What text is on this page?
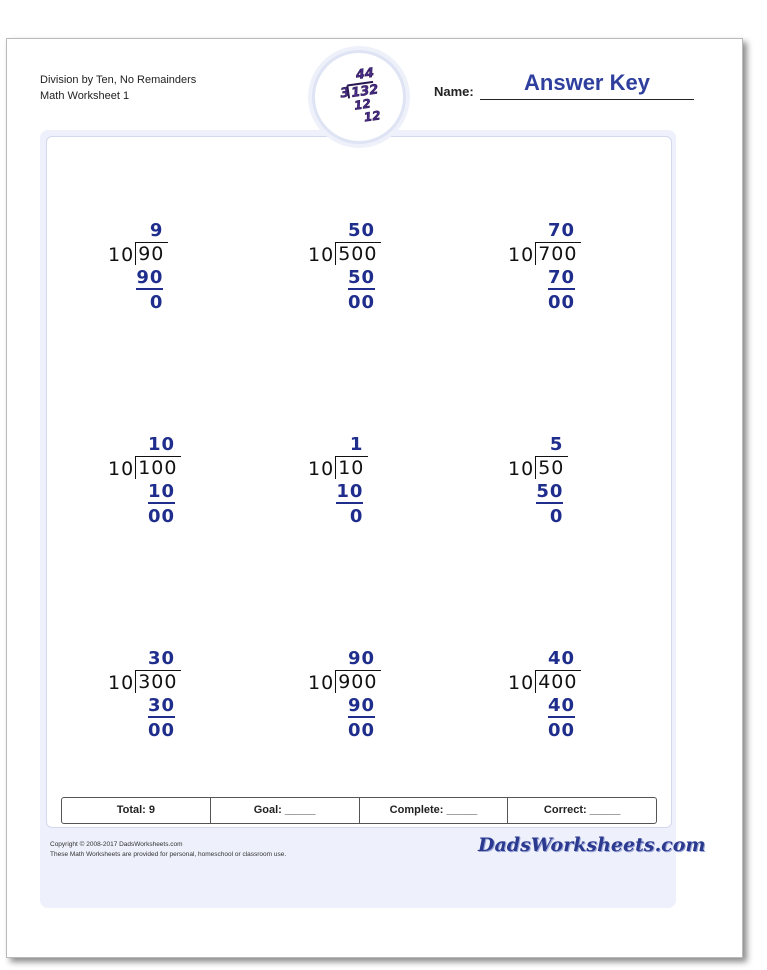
Division by Ten, No Remainders
Math Worksheet 1
44
3 132
12
12
Name:	Answer Key
9
10 90
90
0
50
10 500
50
00
70
10 700
70
00
10
10 100
10
00
1
10 10
10
0
5
10 50
50
0
30
10 300
30
00
90
10 900
90
00
40
10 400
40
00
Total: 9	Goal: _____	Complete: _____	Correct: _____
Copyright © 2008-2017 DadsWorksheets.com
These Math Worksheets are provided for personal, homeschool or classroom use.	DadsWorksheets.com
